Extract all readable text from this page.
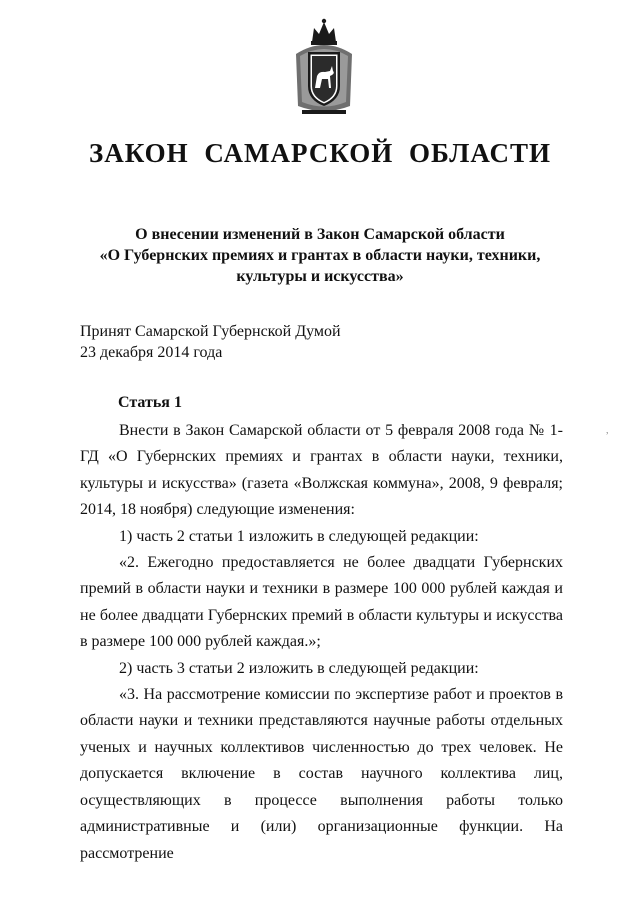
ЗАКОН САМАРСКОЙ ОБЛАСТИ
О внесении изменений в Закон Самарской области
«О Губернских премиях и грантах в области науки, техники,
культуры и искусства»
Принят Самарской Губернской Думой
23 декабря 2014 года
Статья 1
,

Внести в Закон Самарской области от 5 февраля 2008 года № 1-ГД «О Губернских премиях и грантах в области науки, техники, культуры и искусства» (газета «Волжская коммуна», 2008, 9 февраля; 2014, 18 ноября) следующие изменения:

1) часть 2 статьи 1 изложить в следующей редакции:

«2. Ежегодно предоставляется не более двадцати Губернских премий в области науки и техники в размере 100 000 рублей каждая и не более двадцати Губернских премий в области культуры и искусства в размере 100 000 рублей каждая.»;

2) часть 3 статьи 2 изложить в следующей редакции:

«3. На рассмотрение комиссии по экспертизе работ и проектов в области науки и техники представляются научные работы отдельных ученых и научных коллективов численностью до трех человек. Не допускается включение в состав научного коллектива лиц, осуществляющих в процессе выполнения работы только административные и (или) организационные функции. На рассмотрение
